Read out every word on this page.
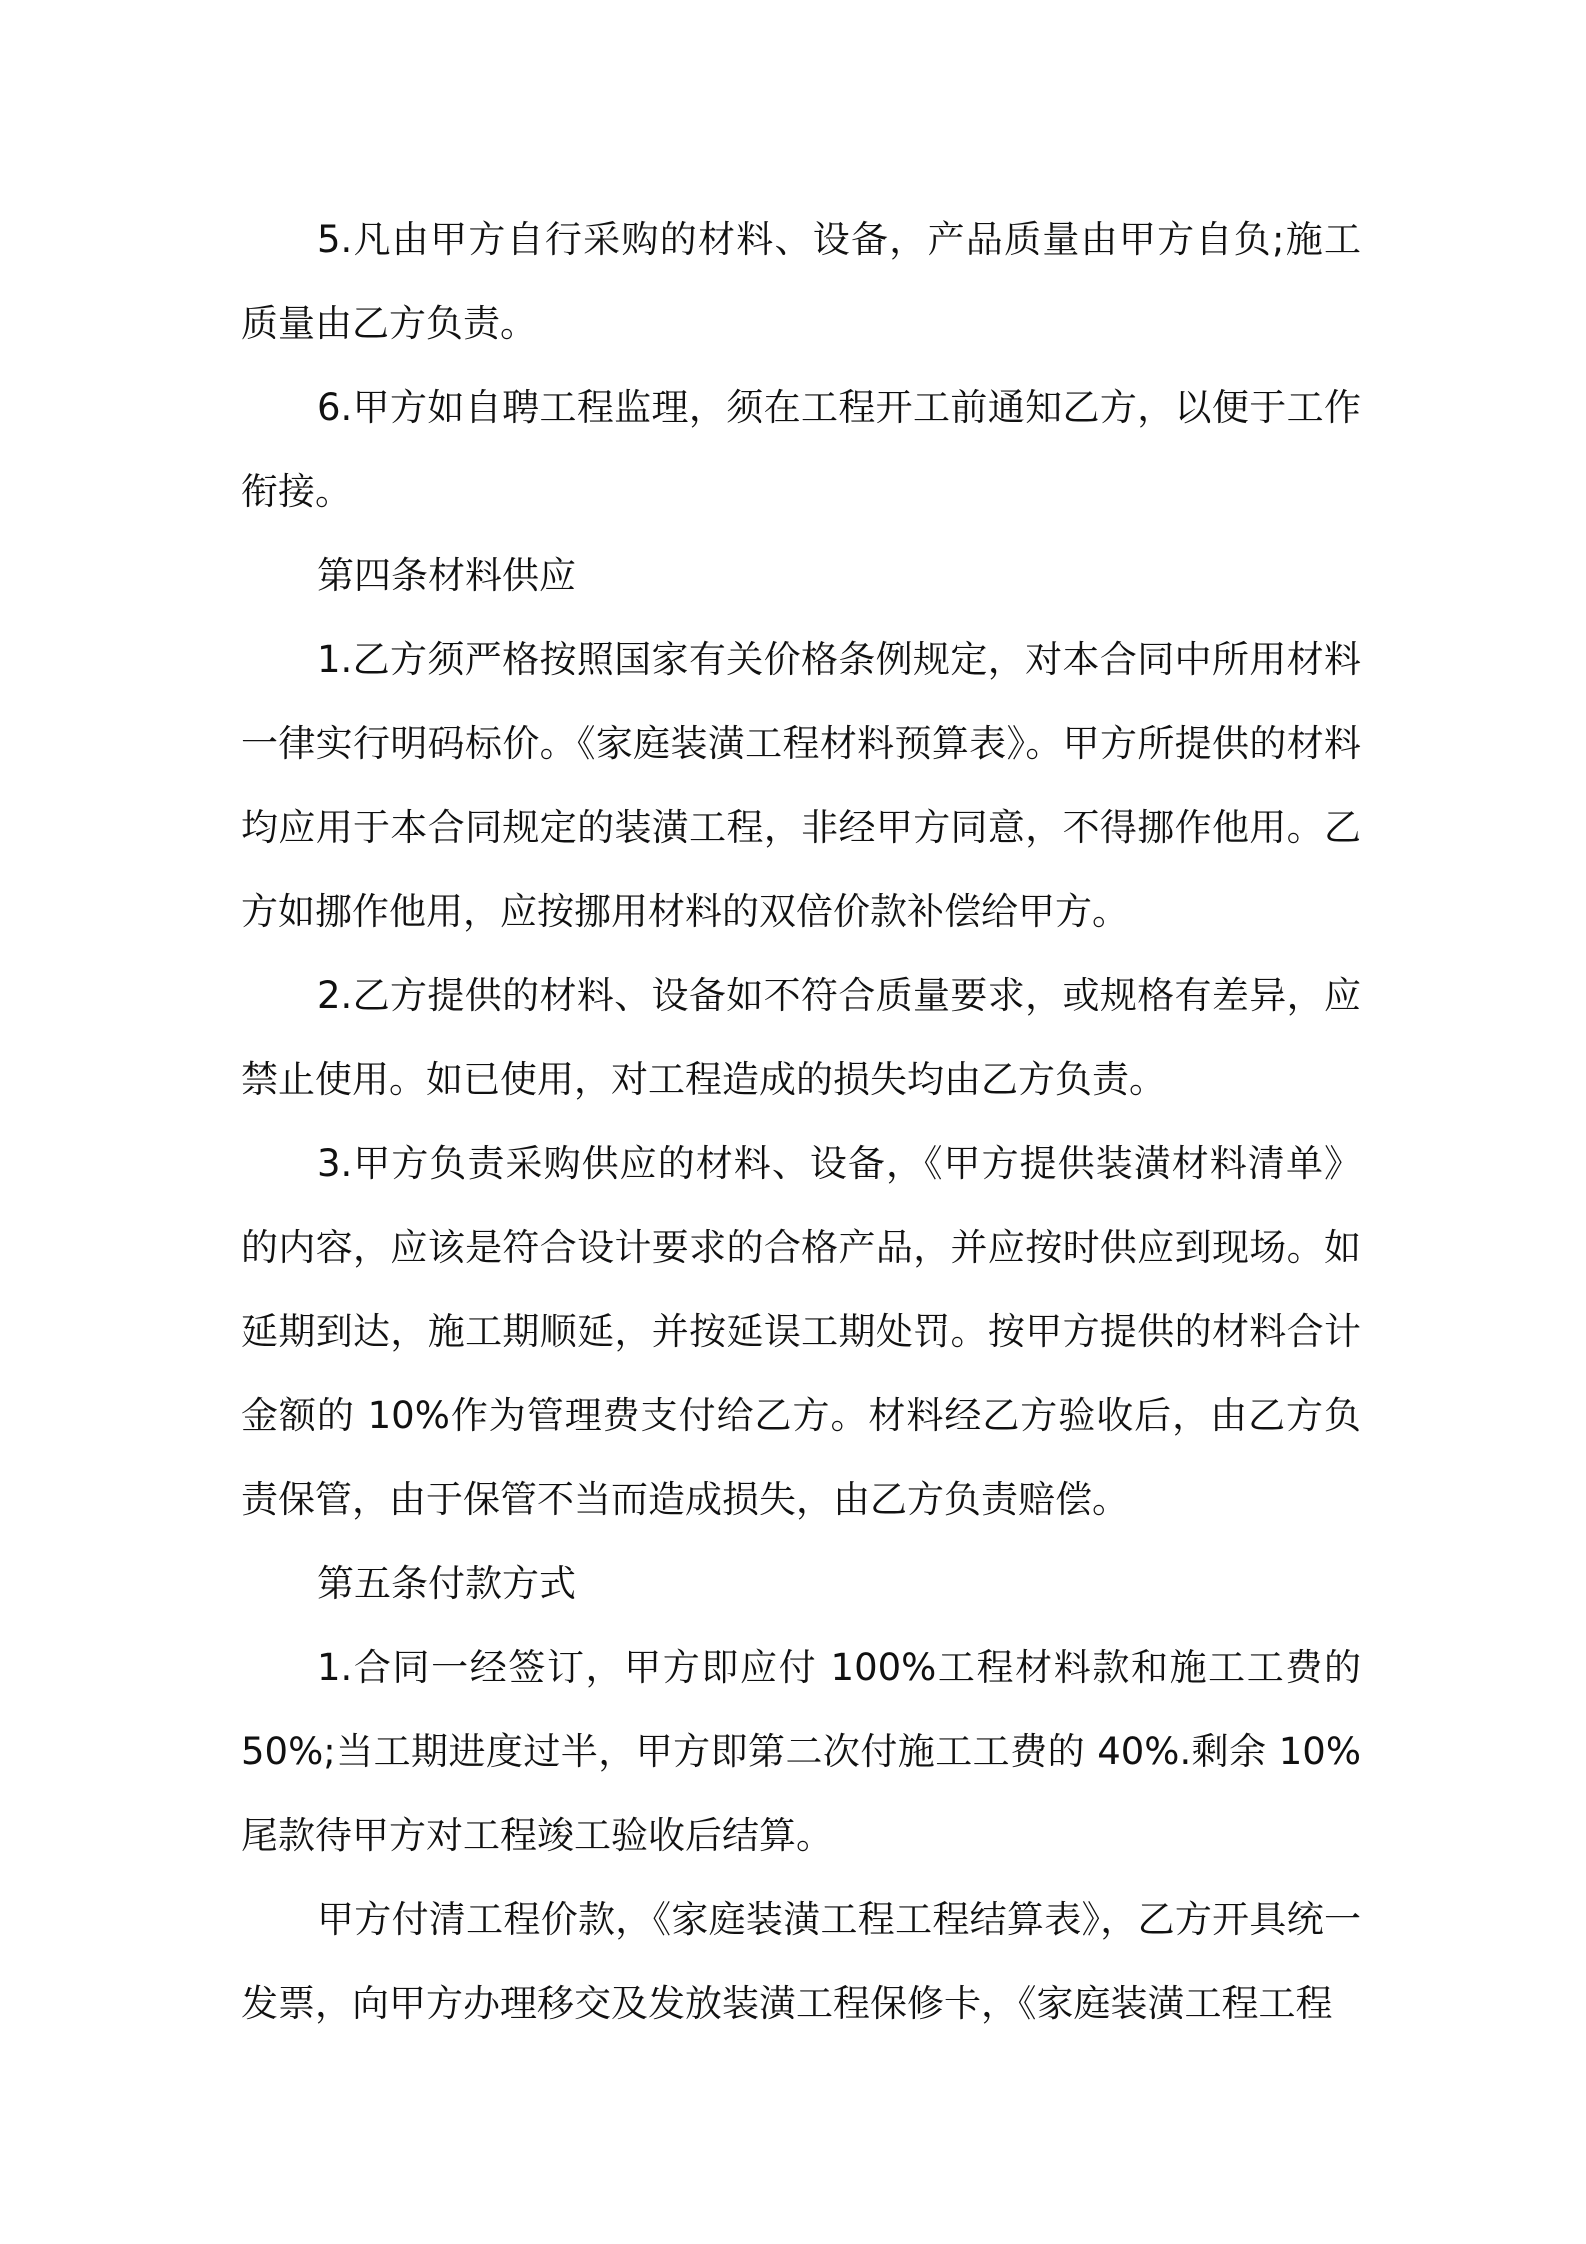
5.凡由甲方自行采购的材料、设备，产品质量由甲方自负;施工质量由乙方负责。

6.甲方如自聘工程监理，须在工程开工前通知乙方，以便于工作衔接。

第四条材料供应

1.乙方须严格按照国家有关价格条例规定，对本合同中所用材料一律实行明码标价。《家庭装潢工程材料预算表》。甲方所提供的材料均应用于本合同规定的装潢工程，非经甲方同意，不得挪作他用。乙方如挪作他用，应按挪用材料的双倍价款补偿给甲方。

2.乙方提供的材料、设备如不符合质量要求，或规格有差异，应禁止使用。如已使用，对工程造成的损失均由乙方负责。

3.甲方负责采购供应的材料、设备，《甲方提供装潢材料清单》的内容，应该是符合设计要求的合格产品，并应按时供应到现场。如延期到达，施工期顺延，并按延误工期处罚。按甲方提供的材料合计金额的 10%作为管理费支付给乙方。材料经乙方验收后，由乙方负责保管，由于保管不当而造成损失，由乙方负责赔偿。

第五条付款方式

1.合同一经签订，甲方即应付 100%工程材料款和施工工费的50%;当工期进度过半，甲方即第二次付施工工费的 40%.剩余 10%尾款待甲方对工程竣工验收后结算。

甲方付清工程价款，《家庭装潢工程工程结算表》，乙方开具统一发票，向甲方办理移交及发放装潢工程保修卡，《家庭装潢工程工程
